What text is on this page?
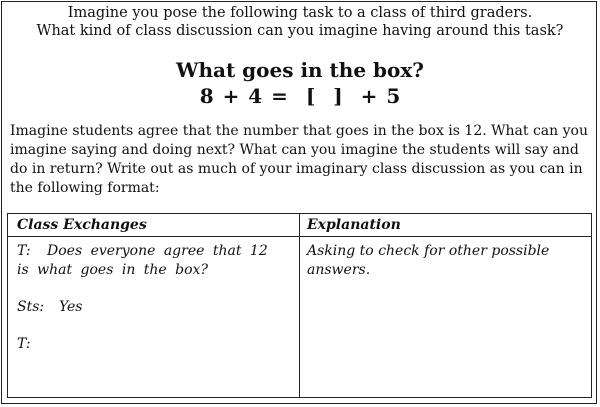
Imagine you pose the following task to a class of third graders.
What kind of class discussion can you imagine having around this task?
What goes in the box?
8 + 4 =  [  ]  + 5
Imagine students agree that the number that goes in the box is 12. What can you imagine saying and doing next? What can you imagine the students will say and do in return? Write out as much of your imaginary class discussion as you can in the following format:
Class Exchanges	Explanation
T: Does everyone agree that 12 is what goes in the box?
Sts: Yes
T:
Asking to check for other possible answers.
